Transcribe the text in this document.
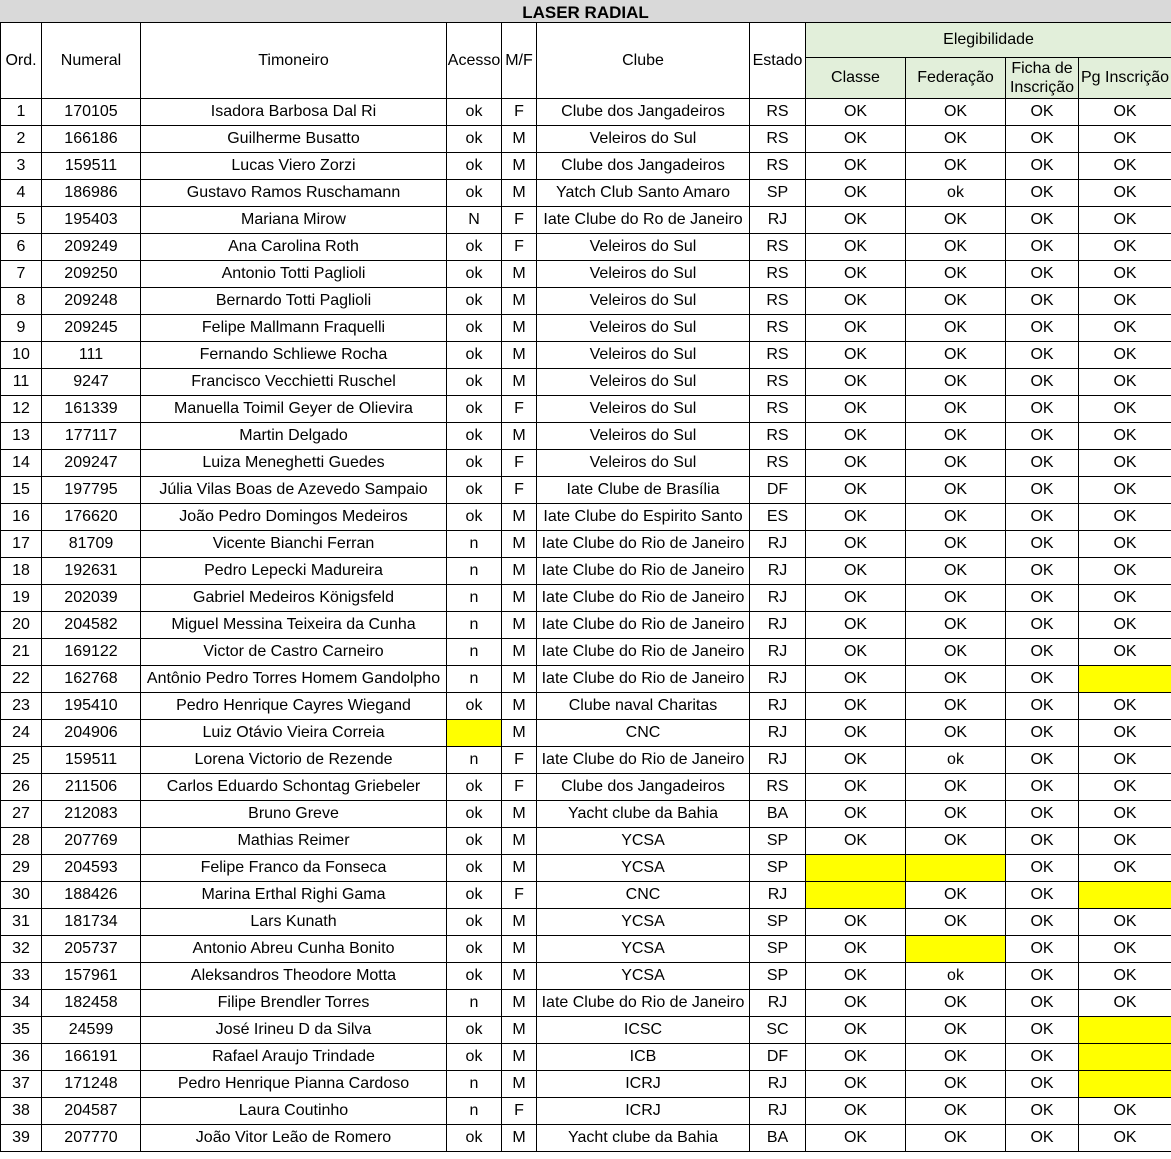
LASER RADIAL
Ord.	Numeral	Timoneiro	Acesso	M/F	Clube	Estado	Elegibilidade			
							Classe	Federação	Ficha de Inscrição	Pg Inscrição
1	170105	Isadora Barbosa Dal Ri	ok	F	Clube dos Jangadeiros	RS	OK	OK	OK	OK
2	166186	Guilherme Busatto	ok	M	Veleiros do Sul	RS	OK	OK	OK	OK
3	159511	Lucas Viero Zorzi	ok	M	Clube dos Jangadeiros	RS	OK	OK	OK	OK
4	186986	Gustavo Ramos Ruschamann	ok	M	Yatch Club Santo Amaro	SP	OK	ok	OK	OK
5	195403	Mariana Mirow	N	F	Iate Clube do Ro de Janeiro	RJ	OK	OK	OK	OK
6	209249	Ana Carolina Roth	ok	F	Veleiros do Sul	RS	OK	OK	OK	OK
7	209250	Antonio Totti Paglioli	ok	M	Veleiros do Sul	RS	OK	OK	OK	OK
8	209248	Bernardo Totti Paglioli	ok	M	Veleiros do Sul	RS	OK	OK	OK	OK
9	209245	Felipe Mallmann Fraquelli	ok	M	Veleiros do Sul	RS	OK	OK	OK	OK
10	111	Fernando Schliewe Rocha	ok	M	Veleiros do Sul	RS	OK	OK	OK	OK
11	9247	Francisco Vecchietti Ruschel	ok	M	Veleiros do Sul	RS	OK	OK	OK	OK
12	161339	Manuella Toimil Geyer de Olievira	ok	F	Veleiros do Sul	RS	OK	OK	OK	OK
13	177117	Martin Delgado	ok	M	Veleiros do Sul	RS	OK	OK	OK	OK
14	209247	Luiza Meneghetti Guedes	ok	F	Veleiros do Sul	RS	OK	OK	OK	OK
15	197795	Júlia Vilas Boas de Azevedo Sampaio	ok	F	Iate Clube de Brasília	DF	OK	OK	OK	OK
16	176620	João Pedro Domingos Medeiros	ok	M	Iate Clube do Espirito Santo	ES	OK	OK	OK	OK
17	81709	Vicente Bianchi Ferran	n	M	Iate Clube do Rio de Janeiro	RJ	OK	OK	OK	OK
18	192631	Pedro Lepecki Madureira	n	M	Iate Clube do Rio de Janeiro	RJ	OK	OK	OK	OK
19	202039	Gabriel Medeiros Königsfeld	n	M	Iate Clube do Rio de Janeiro	RJ	OK	OK	OK	OK
20	204582	Miguel Messina Teixeira da Cunha	n	M	Iate Clube do Rio de Janeiro	RJ	OK	OK	OK	OK
21	169122	Victor de Castro Carneiro	n	M	Iate Clube do Rio de Janeiro	RJ	OK	OK	OK	OK
22	162768	Antônio Pedro Torres Homem Gandolpho	n	M	Iate Clube do Rio de Janeiro	RJ	OK	OK	OK	
23	195410	Pedro Henrique Cayres Wiegand	ok	M	Clube naval Charitas	RJ	OK	OK	OK	OK
24	204906	Luiz Otávio Vieira Correia		M	CNC	RJ	OK	OK	OK	OK
25	159511	Lorena Victorio de Rezende	n	F	Iate Clube do Rio de Janeiro	RJ	OK	ok	OK	OK
26	211506	Carlos Eduardo Schontag Griebeler	ok	F	Clube dos Jangadeiros	RS	OK	OK	OK	OK
27	212083	Bruno Greve	ok	M	Yacht clube da Bahia	BA	OK	OK	OK	OK
28	207769	Mathias Reimer	ok	M	YCSA	SP	OK	OK	OK	OK
29	204593	Felipe Franco da Fonseca	ok	M	YCSA	SP			OK	OK
30	188426	Marina Erthal Righi Gama	ok	F	CNC	RJ		OK	OK	
31	181734	Lars Kunath	ok	M	YCSA	SP	OK	OK	OK	OK
32	205737	Antonio Abreu Cunha Bonito	ok	M	YCSA	SP	OK		OK	OK
33	157961	Aleksandros Theodore Motta	ok	M	YCSA	SP	OK	ok	OK	OK
34	182458	Filipe Brendler Torres	n	M	Iate Clube do Rio de Janeiro	RJ	OK	OK	OK	OK
35	24599	José Irineu D da Silva	ok	M	ICSC	SC	OK	OK	OK	
36	166191	Rafael Araujo Trindade	ok	M	ICB	DF	OK	OK	OK	
37	171248	Pedro Henrique Pianna Cardoso	n	M	ICRJ	RJ	OK	OK	OK	
38	204587	Laura Coutinho	n	F	ICRJ	RJ	OK	OK	OK	OK
39	207770	João Vitor Leão de Romero	ok	M	Yacht clube da Bahia	BA	OK	OK	OK	OK
